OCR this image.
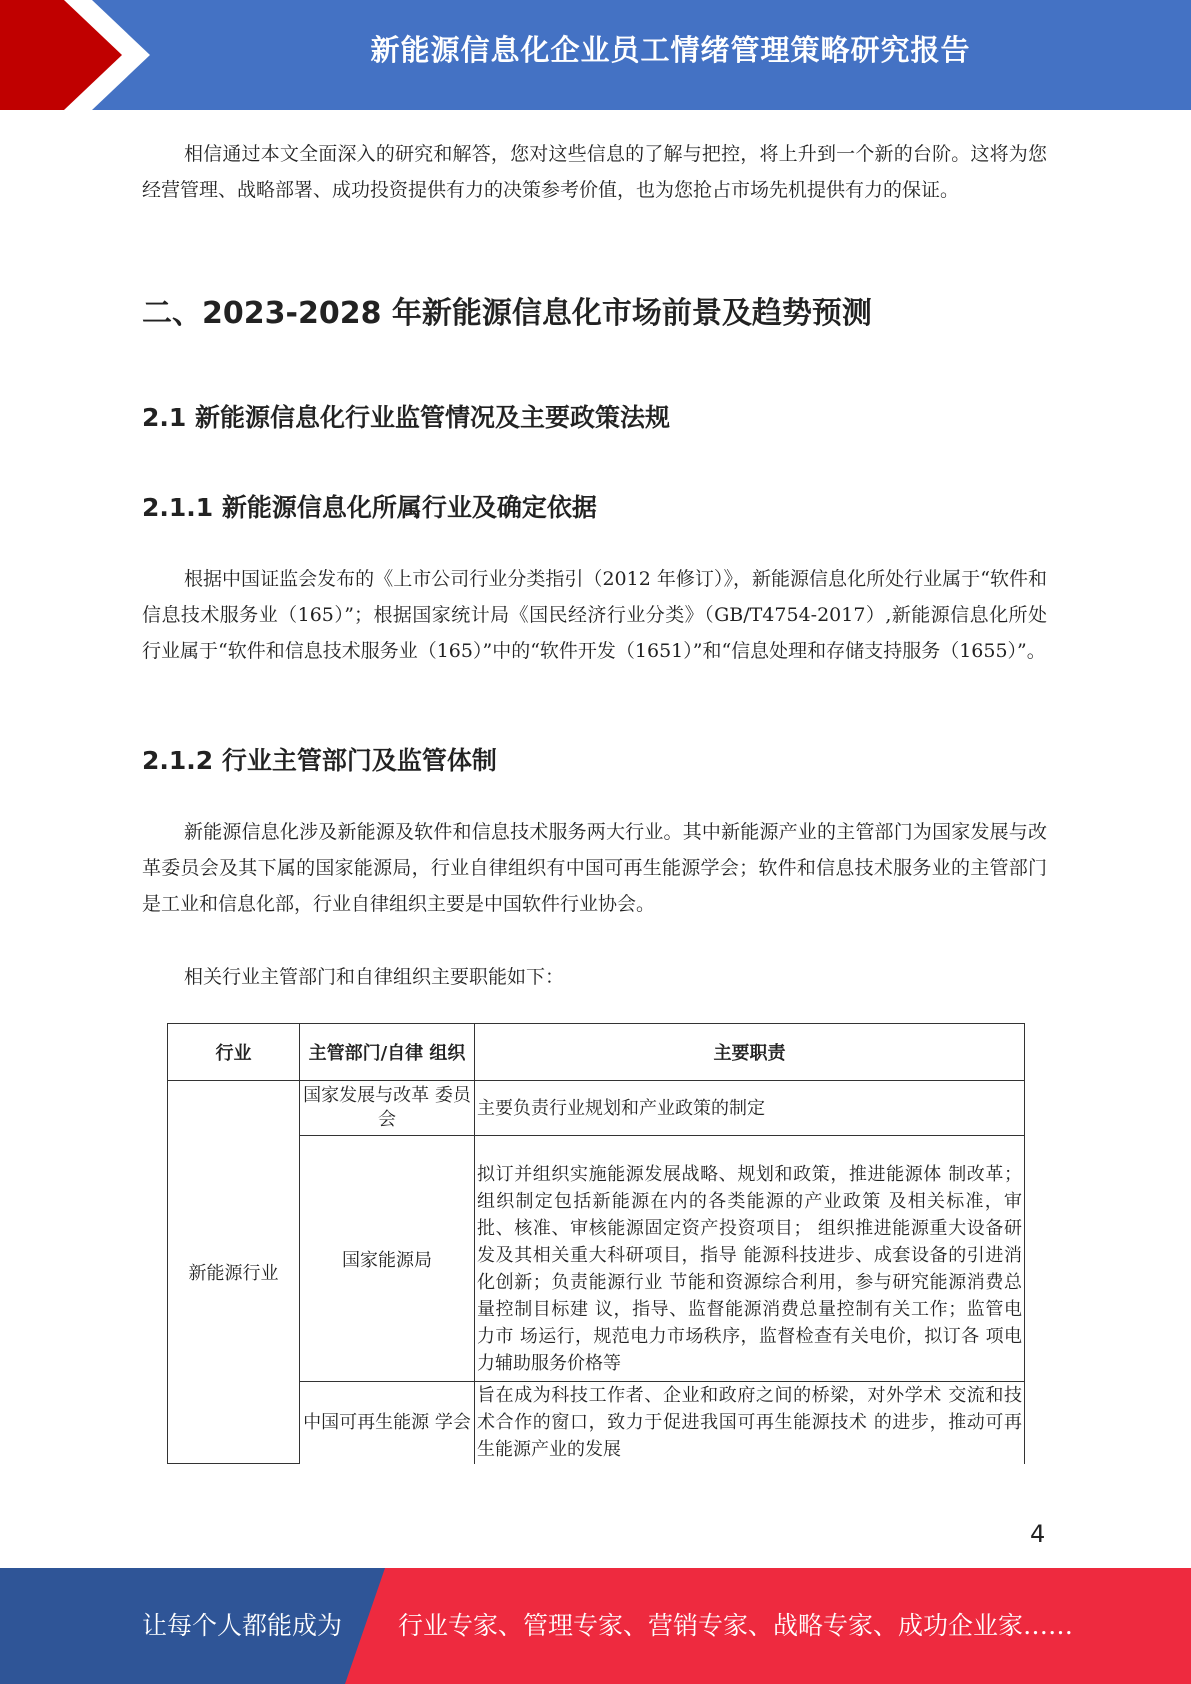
新能源信息化企业员工情绪管理策略研究报告

相信通过本文全面深入的研究和解答，您对这些信息的了解与把控，将上升到一个新的台阶。这将为您经营管理、战略部署、成功投资提供有力的决策参考价值，也为您抢占市场先机提供有力的保证。

二、2023-2028 年新能源信息化市场前景及趋势预测
2.1 新能源信息化行业监管情况及主要政策法规
2.1.1 新能源信息化所属行业及确定依据

根据中国证监会发布的《上市公司行业分类指引（2012 年修订）》，新能源信息化所处行业属于“软件和信息技术服务业（165）”；根据国家统计局《国民经济行业分类》（GB/T4754-2017）,新能源信息化所处行业属于“软件和信息技术服务业（165）”中的“软件开发（1651）”和“信息处理和存储支持服务（1655）”。

2.1.2 行业主管部门及监管体制

新能源信息化涉及新能源及软件和信息技术服务两大行业。其中新能源产业的主管部门为国家发展与改革委员会及其下属的国家能源局，行业自律组织有中国可再生能源学会；软件和信息技术服务业的主管部门是工业和信息化部，行业自律组织主要是中国软件行业协会。

相关行业主管部门和自律组织主要职能如下：

行业	主管部门/自律 组织	主要职责
新能源行业	国家发展与改革 委员会	主要负责行业规划和产业政策的制定
	国家能源局	拟订并组织实施能源发展战略、规划和政策，推进能源体 制改革；组织制定包括新能源在内的各类能源的产业政策 及相关标准，审批、核准、审核能源固定资产投资项目； 组织推进能源重大设备研发及其相关重大科研项目，指导 能源科技进步、成套设备的引进消化创新；负责能源行业 节能和资源综合利用，参与研究能源消费总量控制目标建 议，指导、监督能源消费总量控制有关工作；监管电力市 场运行，规范电力市场秩序，监督检查有关电价，拟订各 项电力辅助服务价格等
	中国可再生能源 学会	旨在成为科技工作者、企业和政府之间的桥梁，对外学术 交流和技术合作的窗口，致力于促进我国可再生能源技术 的进步，推动可再生能源产业的发展
4
让每个人都能成为 行业专家、管理专家、营销专家、战略专家、成功企业家……
